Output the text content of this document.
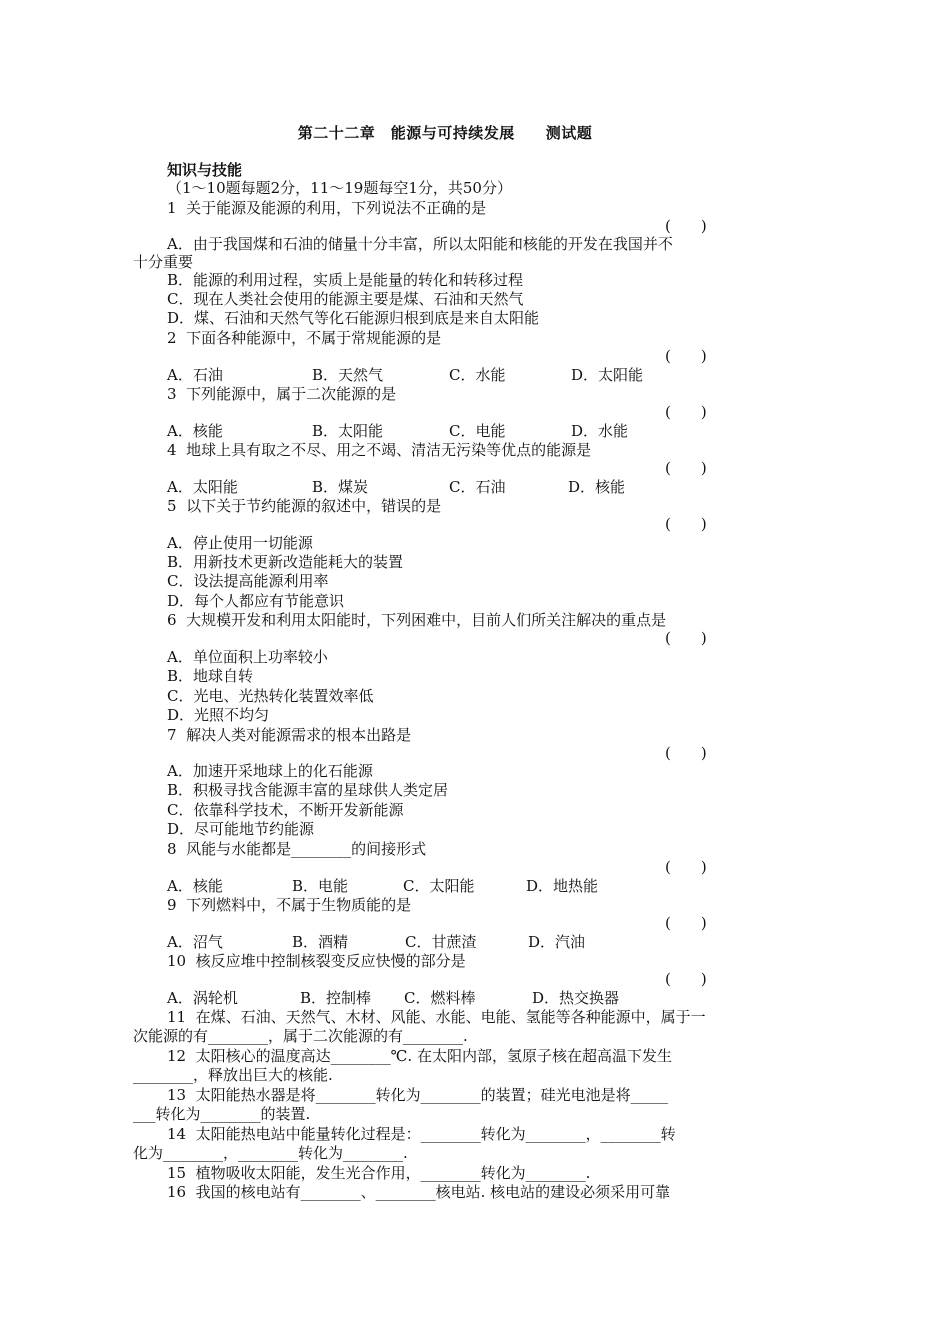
第二十二章　能源与可持续发展　　测试题
知识与技能
（1～10题每题2分，11～19题每空1分，共50分）
1  关于能源及能源的利用，下列说法不正确的是
(　　)
A．由于我国煤和石油的储量十分丰富，所以太阳能和核能的开发在我国并不
十分重要
B．能源的利用过程，实质上是能量的转化和转移过程
C．现在人类社会使用的能源主要是煤、石油和天然气
D．煤、石油和天然气等化石能源归根到底是来自太阳能
2  下面各种能源中，不属于常规能源的是
(　　)
A．石油	B．天然气	C．水能	D．太阳能
3  下列能源中，属于二次能源的是
(　　)
A．核能	B．太阳能	C．电能	D．水能
4  地球上具有取之不尽、用之不竭、清洁无污染等优点的能源是
(　　)
A．太阳能	B．煤炭	C．石油	D．核能
5  以下关于节约能源的叙述中，错误的是
(　　)
A．停止使用一切能源
B．用新技术更新改造能耗大的装置
C．设法提高能源利用率
D．每个人都应有节能意识
6  大规模开发和利用太阳能时，下列困难中，目前人们所关注解决的重点是
(　　)
A．单位面积上功率较小
B．地球自转
C．光电、光热转化装置效率低
D．光照不均匀
7  解决人类对能源需求的根本出路是
(　　)
A．加速开采地球上的化石能源
B．积极寻找含能源丰富的星球供人类定居
C．依靠科学技术，不断开发新能源
D．尽可能地节约能源
8  风能与水能都是________的间接形式
(　　)
A．核能	B．电能	C．太阳能	D．地热能
9  下列燃料中，不属于生物质能的是
(　　)
A．沼气	B．酒精	C．甘蔗渣	D．汽油
10  核反应堆中控制核裂变反应快慢的部分是
(　　)
A．涡轮机	B．控制棒 C．燃料棒	D．热交换器
11  在煤、石油、天然气、木材、风能、水能、电能、氢能等各种能源中，属于一
次能源的有________，属于二次能源的有________.
12  太阳核心的温度高达________℃. 在太阳内部，氢原子核在超高温下发生
________，释放出巨大的核能.
13  太阳能热水器是将________转化为________的装置；硅光电池是将_____
___转化为________的装置.
14  太阳能热电站中能量转化过程是：________转化为________，________转
化为________，________转化为________.
15  植物吸收太阳能，发生光合作用，________转化为________.
16  我国的核电站有________、________核电站. 核电站的建设必须采用可靠
